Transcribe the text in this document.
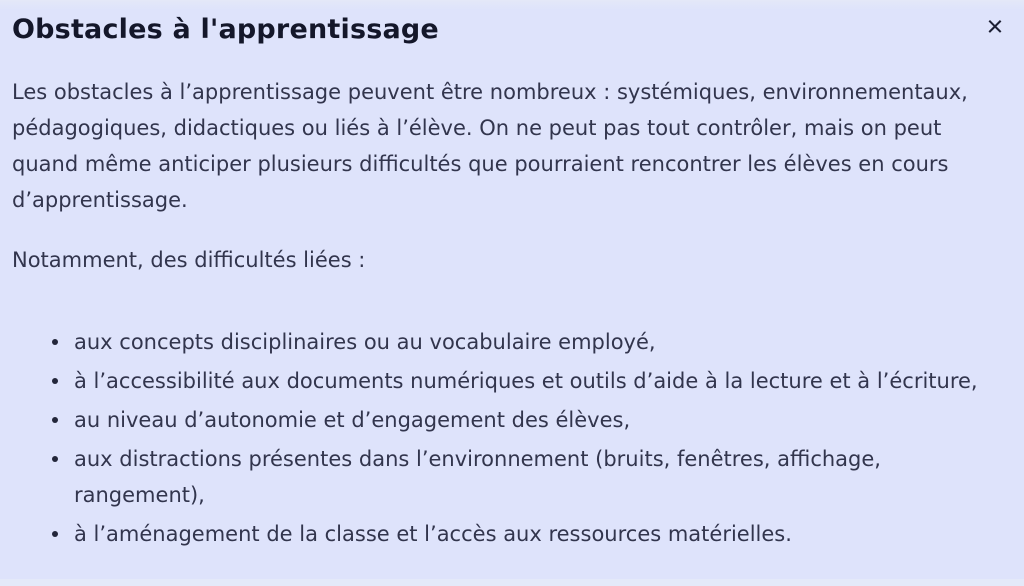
Obstacles à l'apprentissage	×

Les obstacles à l’apprentissage peuvent être nombreux : systémiques, environnementaux, pédagogiques, didactiques ou liés à l’élève. On ne peut pas tout contrôler, mais on peut quand même anticiper plusieurs difficultés que pourraient rencontrer les élèves en cours d’apprentissage.

Notamment, des difficultés liées :

aux concepts disciplinaires ou au vocabulaire employé,
à l’accessibilité aux documents numériques et outils d’aide à la lecture et à l’écriture,
au niveau d’autonomie et d’engagement des élèves,
aux distractions présentes dans l’environnement (bruits, fenêtres, affichage, rangement),
à l’aménagement de la classe et l’accès aux ressources matérielles.
